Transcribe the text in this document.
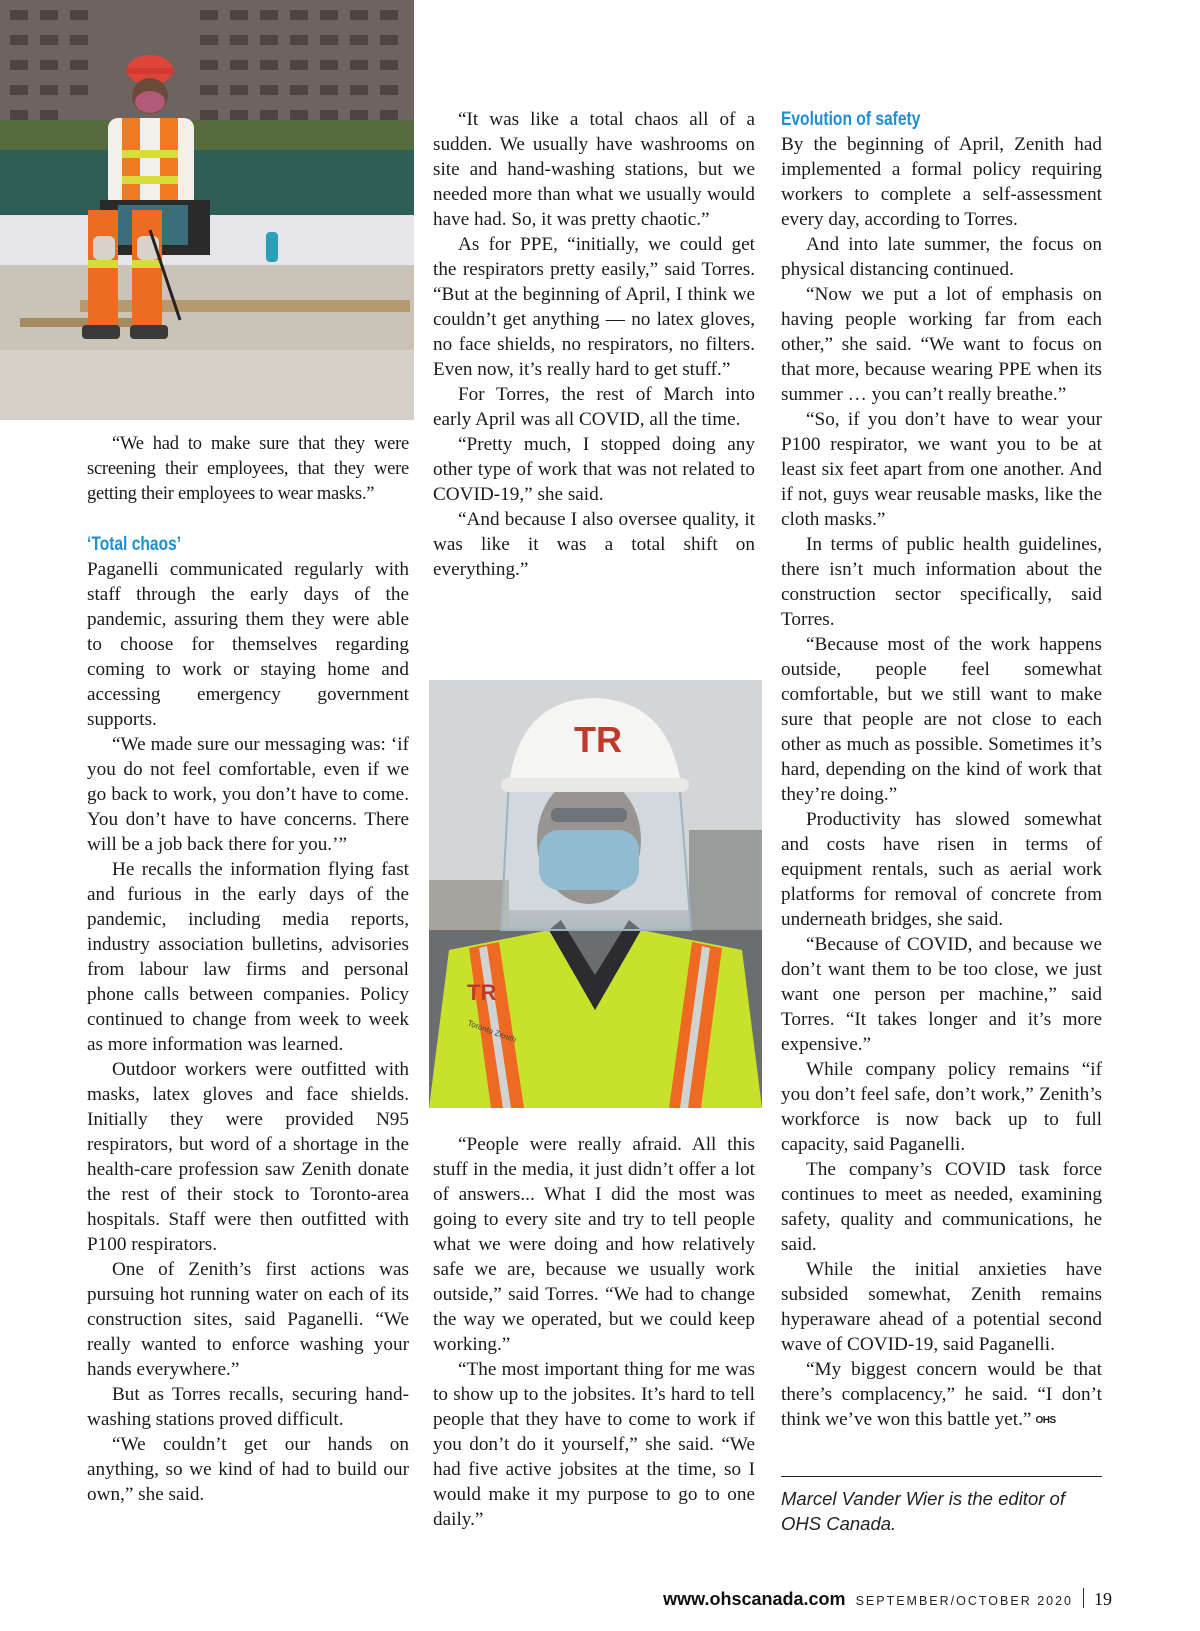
“We had to make sure that they were screening their employees, that they were getting their employees to wear masks.”

‘Total chaos’

Paganelli communicated regularly with staff through the early days of the pandemic, assuring them they were able to choose for themselves regarding coming to work or staying home and accessing emergency government supports.

“We made sure our messaging was: ‘if you do not feel comfortable, even if we go back to work, you don’t have to come. You don’t have to have concerns. There will be a job back there for you.’”

He recalls the information flying fast and furious in the early days of the pandemic, including media reports, industry association bulletins, advisories from labour law firms and personal phone calls between companies. Policy continued to change from week to week as more information was learned.

Outdoor workers were outfitted with masks, latex gloves and face shields. Initially they were provided N95 respirators, but word of a shortage in the health-care profession saw Zenith donate the rest of their stock to Toronto-area hospitals. Staff were then outfitted with P100 respirators.

One of Zenith’s first actions was pursuing hot running water on each of its construction sites, said Paganelli. “We really wanted to enforce washing your hands everywhere.”

But as Torres recalls, securing hand-washing stations proved difficult.

“We couldn’t get our hands on anything, so we kind of had to build our own,” she said.

“It was like a total chaos all of a sudden. We usually have washrooms on site and hand-washing stations, but we needed more than what we usually would have had. So, it was pretty chaotic.”

As for PPE, “initially, we could get the respirators pretty easily,” said Torres. “But at the beginning of April, I think we couldn’t get anything — no latex gloves, no face shields, no respirators, no filters. Even now, it’s really hard to get stuff.”

For Torres, the rest of March into early April was all COVID, all the time.

“Pretty much, I stopped doing any other type of work that was not related to COVID-19,” she said.

“And because I also oversee quality, it was like it was a total shift on everything.”

TR
Toronto Zenith
TR

“People were really afraid. All this stuff in the media, it just didn’t offer a lot of answers... What I did the most was going to every site and try to tell people what we were doing and how relatively safe we are, because we usually work outside,” said Torres. “We had to change the way we operated, but we could keep working.”

“The most important thing for me was to show up to the jobsites. It’s hard to tell people that they have to come to work if you don’t do it yourself,” she said. “We had five active jobsites at the time, so I would make it my purpose to go to one daily.”

Evolution of safety

By the beginning of April, Zenith had implemented a formal policy requiring workers to complete a self-assessment every day, according to Torres.

And into late summer, the focus on physical distancing continued.

“Now we put a lot of emphasis on having people working far from each other,” she said. “We want to focus on that more, because wearing PPE when its summer … you can’t really breathe.”

“So, if you don’t have to wear your P100 respirator, we want you to be at least six feet apart from one another. And if not, guys wear reusable masks, like the cloth masks.”

In terms of public health guidelines, there isn’t much information about the construction sector specifically, said Torres.

“Because most of the work happens outside, people feel somewhat comfortable, but we still want to make sure that people are not close to each other as much as possible. Sometimes it’s hard, depending on the kind of work that they’re doing.”

Productivity has slowed somewhat and costs have risen in terms of equipment rentals, such as aerial work platforms for removal of concrete from underneath bridges, she said.

“Because of COVID, and because we don’t want them to be too close, we just want one person per machine,” said Torres. “It takes longer and it’s more expensive.”

While company policy remains “if you don’t feel safe, don’t work,” Zenith’s workforce is now back up to full capacity, said Paganelli.

The company’s COVID task force continues to meet as needed, examining safety, quality and communications, he said.

While the initial anxieties have subsided somewhat, Zenith remains hyperaware ahead of a potential second wave of COVID-19, said Paganelli.

“My biggest concern would be that there’s complacency,” he said. “I don’t think we’ve won this battle yet.” OHS

Marcel Vander Wier is the editor of OHS Canada.
www.ohscanada.com SEPTEMBER/OCTOBER 2020 19
